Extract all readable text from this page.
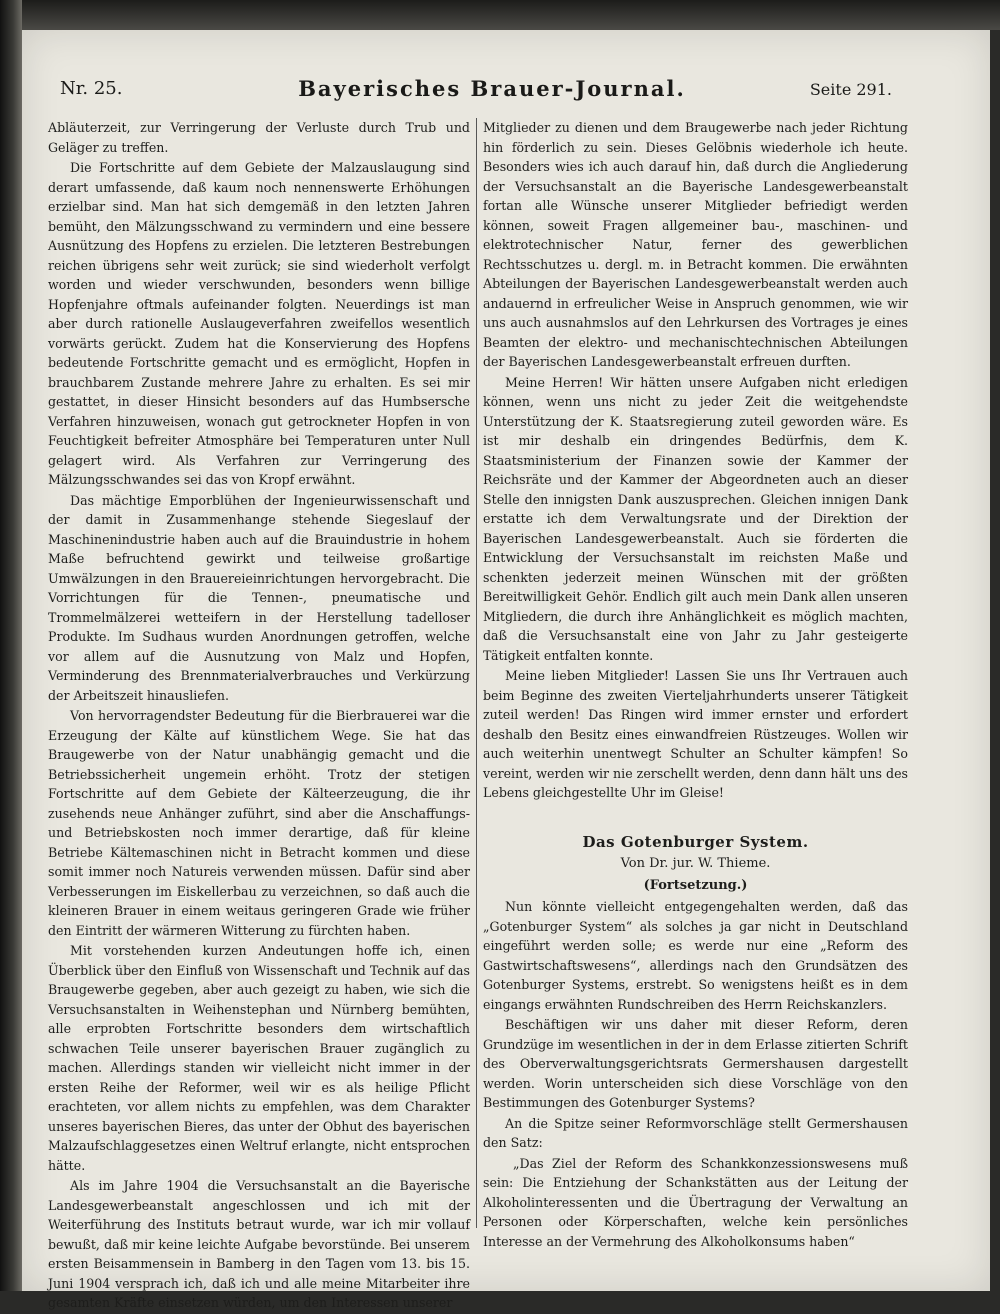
Nr. 25.	Bayerisches Brauer-Journal.	Seite 291.

Abläuterzeit, zur Verringerung der Verluste durch Trub und Geläger zu treffen.

Die Fortschritte auf dem Gebiete der Malzauslaugung sind derart umfassende, daß kaum noch nennenswerte Erhöhungen erzielbar sind. Man hat sich demgemäß in den letzten Jahren bemüht, den Mälzungsschwand zu vermindern und eine bessere Ausnützung des Hopfens zu erzielen. Die letzteren Bestrebungen reichen übrigens sehr weit zurück; sie sind wiederholt verfolgt worden und wieder verschwunden, besonders wenn billige Hopfenjahre oftmals aufeinander folgten. Neuerdings ist man aber durch rationelle Auslaugeverfahren zweifellos wesentlich vorwärts gerückt. Zudem hat die Konservierung des Hopfens bedeutende Fortschritte gemacht und es ermöglicht, Hopfen in brauchbarem Zustande mehrere Jahre zu erhalten. Es sei mir gestattet, in dieser Hinsicht besonders auf das Humbsersche Verfahren hinzuweisen, wonach gut getrockneter Hopfen in von Feuchtigkeit befreiter Atmosphäre bei Temperaturen unter Null gelagert wird. Als Verfahren zur Verringerung des Mälzungsschwandes sei das von Kropf erwähnt.

Das mächtige Emporblühen der Ingenieurwissenschaft und der damit in Zusammenhange stehende Siegeslauf der Maschinenindustrie haben auch auf die Brauindustrie in hohem Maße befruchtend gewirkt und teilweise großartige Umwälzungen in den Brauereieinrichtungen hervorgebracht. Die Vorrichtungen für die Tennen-, pneumatische und Trommelmälzerei wetteifern in der Herstellung tadelloser Produkte. Im Sudhaus wurden Anordnungen getroffen, welche vor allem auf die Ausnutzung von Malz und Hopfen, Verminderung des Brennmaterialverbrauches und Verkürzung der Arbeitszeit hinausliefen.

Von hervorragendster Bedeutung für die Bierbrauerei war die Erzeugung der Kälte auf künstlichem Wege. Sie hat das Braugewerbe von der Natur unabhängig gemacht und die Betriebssicherheit ungemein erhöht. Trotz der stetigen Fortschritte auf dem Gebiete der Kälteerzeugung, die ihr zusehends neue Anhänger zuführt, sind aber die Anschaffungs- und Betriebskosten noch immer derartige, daß für kleine Betriebe Kältemaschinen nicht in Betracht kommen und diese somit immer noch Natureis verwenden müssen. Dafür sind aber Verbesserungen im Eiskellerbau zu verzeichnen, so daß auch die kleineren Brauer in einem weitaus geringeren Grade wie früher den Eintritt der wärmeren Witterung zu fürchten haben.

Mit vorstehenden kurzen Andeutungen hoffe ich, einen Überblick über den Einfluß von Wissenschaft und Technik auf das Braugewerbe gegeben, aber auch gezeigt zu haben, wie sich die Versuchsanstalten in Weihenstephan und Nürnberg bemühten, alle erprobten Fortschritte besonders dem wirtschaftlich schwachen Teile unserer bayerischen Brauer zugänglich zu machen. Allerdings standen wir vielleicht nicht immer in der ersten Reihe der Reformer, weil wir es als heilige Pflicht erachteten, vor allem nichts zu empfehlen, was dem Charakter unseres bayerischen Bieres, das unter der Obhut des bayerischen Malzaufschlaggesetzes einen Weltruf erlangte, nicht entsprochen hätte.

Als im Jahre 1904 die Versuchsanstalt an die Bayerische Landesgewerbeanstalt angeschlossen und ich mit der Weiterführung des Instituts betraut wurde, war ich mir vollauf bewußt, daß mir keine leichte Aufgabe bevorstünde. Bei unserem ersten Beisammensein in Bamberg in den Tagen vom 13. bis 15. Juni 1904 versprach ich, daß ich und alle meine Mitarbeiter ihre gesamten Kräfte einsetzen würden, um den Interessen unserer

Mitglieder zu dienen und dem Braugewerbe nach jeder Richtung hin förderlich zu sein. Dieses Gelöbnis wiederhole ich heute. Besonders wies ich auch darauf hin, daß durch die Angliederung der Versuchsanstalt an die Bayerische Landesgewerbeanstalt fortan alle Wünsche unserer Mitglieder befriedigt werden können, soweit Fragen allgemeiner bau-, maschinen- und elektrotechnischer Natur, ferner des gewerblichen Rechtsschutzes u. dergl. m. in Betracht kommen. Die erwähnten Abteilungen der Bayerischen Landesgewerbeanstalt werden auch andauernd in erfreulicher Weise in Anspruch genommen, wie wir uns auch ausnahmslos auf den Lehrkursen des Vortrages je eines Beamten der elektro- und mechanischtechnischen Abteilungen der Bayerischen Landesgewerbeanstalt erfreuen durften.

Meine Herren! Wir hätten unsere Aufgaben nicht erledigen können, wenn uns nicht zu jeder Zeit die weitgehendste Unterstützung der K. Staatsregierung zuteil geworden wäre. Es ist mir deshalb ein dringendes Bedürfnis, dem K. Staatsministerium der Finanzen sowie der Kammer der Reichsräte und der Kammer der Abgeordneten auch an dieser Stelle den innigsten Dank auszusprechen. Gleichen innigen Dank erstatte ich dem Verwaltungsrate und der Direktion der Bayerischen Landesgewerbeanstalt. Auch sie förderten die Entwicklung der Versuchsanstalt im reichsten Maße und schenkten jederzeit meinen Wünschen mit der größten Bereitwilligkeit Gehör. Endlich gilt auch mein Dank allen unseren Mitgliedern, die durch ihre Anhänglichkeit es möglich machten, daß die Versuchsanstalt eine von Jahr zu Jahr gesteigerte Tätigkeit entfalten konnte.

Meine lieben Mitglieder! Lassen Sie uns Ihr Vertrauen auch beim Beginne des zweiten Vierteljahrhunderts unserer Tätigkeit zuteil werden! Das Ringen wird immer ernster und erfordert deshalb den Besitz eines einwandfreien Rüstzeuges. Wollen wir auch weiterhin unentwegt Schulter an Schulter kämpfen! So vereint, werden wir nie zerschellt werden, denn dann hält uns des Lebens gleichgestellte Uhr im Gleise!

Das Gotenburger System.
Von Dr. jur. W. Thieme.
(Fortsetzung.)

Nun könnte vielleicht entgegengehalten werden, daß das „Gotenburger System“ als solches ja gar nicht in Deutschland eingeführt werden solle; es werde nur eine „Reform des Gastwirtschaftswesens“, allerdings nach den Grundsätzen des Gotenburger Systems, erstrebt. So wenigstens heißt es in dem eingangs erwähnten Rundschreiben des Herrn Reichskanzlers.

Beschäftigen wir uns daher mit dieser Reform, deren Grundzüge im wesentlichen in der in dem Erlasse zitierten Schrift des Oberverwaltungsgerichtsrats Germershausen dargestellt werden. Worin unterscheiden sich diese Vorschläge von den Bestimmungen des Gotenburger Systems?

An die Spitze seiner Reformvorschläge stellt Germershausen den Satz:

„Das Ziel der Reform des Schankkonzessionswesens muß sein: Die Entziehung der Schankstätten aus der Leitung der Alkoholinteressenten und die Übertragung der Verwaltung an Personen oder Körperschaften, welche kein persönliches Interesse an der Vermehrung des Alkoholkonsums haben“
